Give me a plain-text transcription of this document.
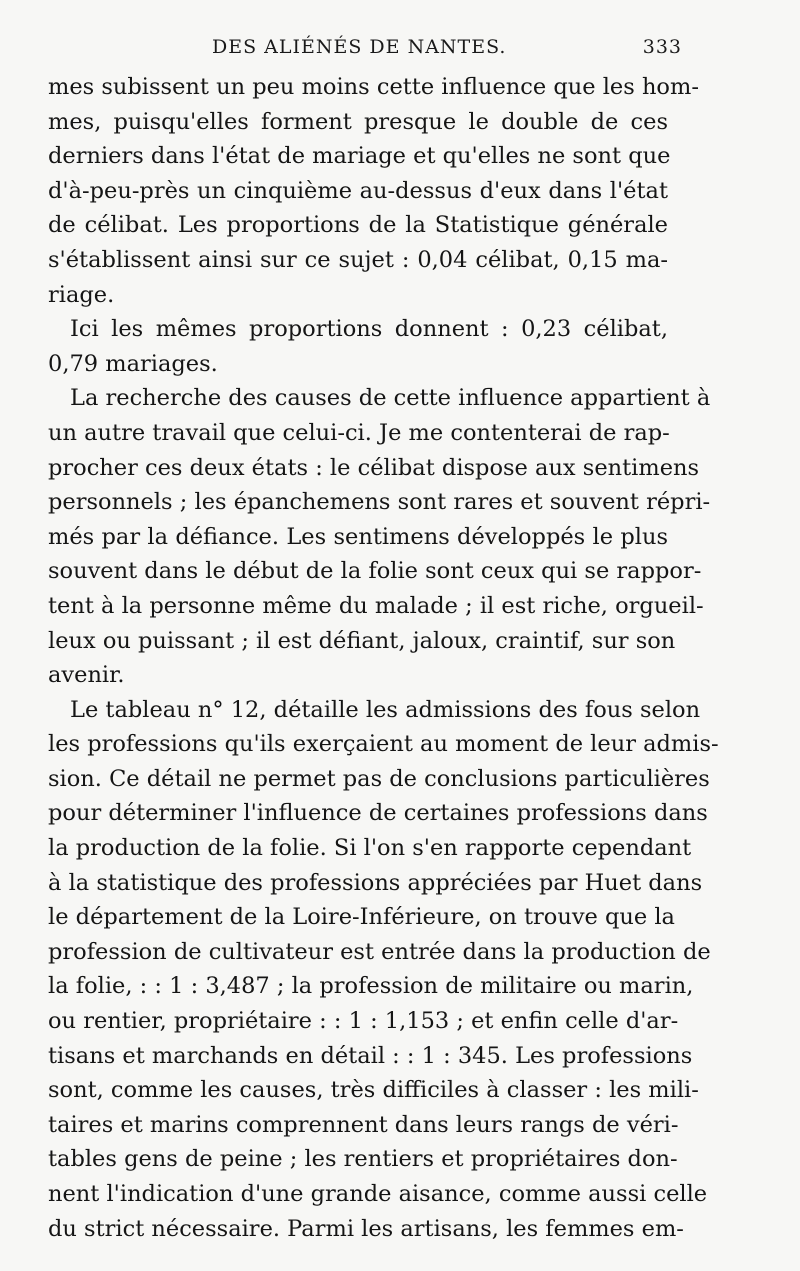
DES ALIÉNÉS DE NANTES.	333
mes subissent un peu moins cette influence que les hom-
mes, puisqu'elles forment presque le double de ces
derniers dans l'état de mariage et qu'elles ne sont que
d'à-peu-près un cinquième au-dessus d'eux dans l'état
de célibat. Les proportions de la Statistique générale
s'établissent ainsi sur ce sujet : 0,04 célibat, 0,15 ma-
riage.
Ici les mêmes proportions donnent : 0,23 célibat,
0,79 mariages.
La recherche des causes de cette influence appartient à
un autre travail que celui-ci. Je me contenterai de rap-
procher ces deux états : le célibat dispose aux sentimens
personnels ; les épanchemens sont rares et souvent répri-
més par la défiance. Les sentimens développés le plus
souvent dans le début de la folie sont ceux qui se rappor-
tent à la personne même du malade ; il est riche, orgueil-
leux ou puissant ; il est défiant, jaloux, craintif, sur son
avenir.
Le tableau n° 12, détaille les admissions des fous selon
les professions qu'ils exerçaient au moment de leur admis-
sion. Ce détail ne permet pas de conclusions particulières
pour déterminer l'influence de certaines professions dans
la production de la folie. Si l'on s'en rapporte cependant
à la statistique des professions appréciées par Huet dans
le département de la Loire-Inférieure, on trouve que la
profession de cultivateur est entrée dans la production de
la folie, : : 1 : 3,487 ; la profession de militaire ou marin,
ou rentier, propriétaire : : 1 : 1,153 ; et enfin celle d'ar-
tisans et marchands en détail : : 1 : 345. Les professions
sont, comme les causes, très difficiles à classer : les mili-
taires et marins comprennent dans leurs rangs de véri-
tables gens de peine ; les rentiers et propriétaires don-
nent l'indication d'une grande aisance, comme aussi celle
du strict nécessaire. Parmi les artisans, les femmes em-
